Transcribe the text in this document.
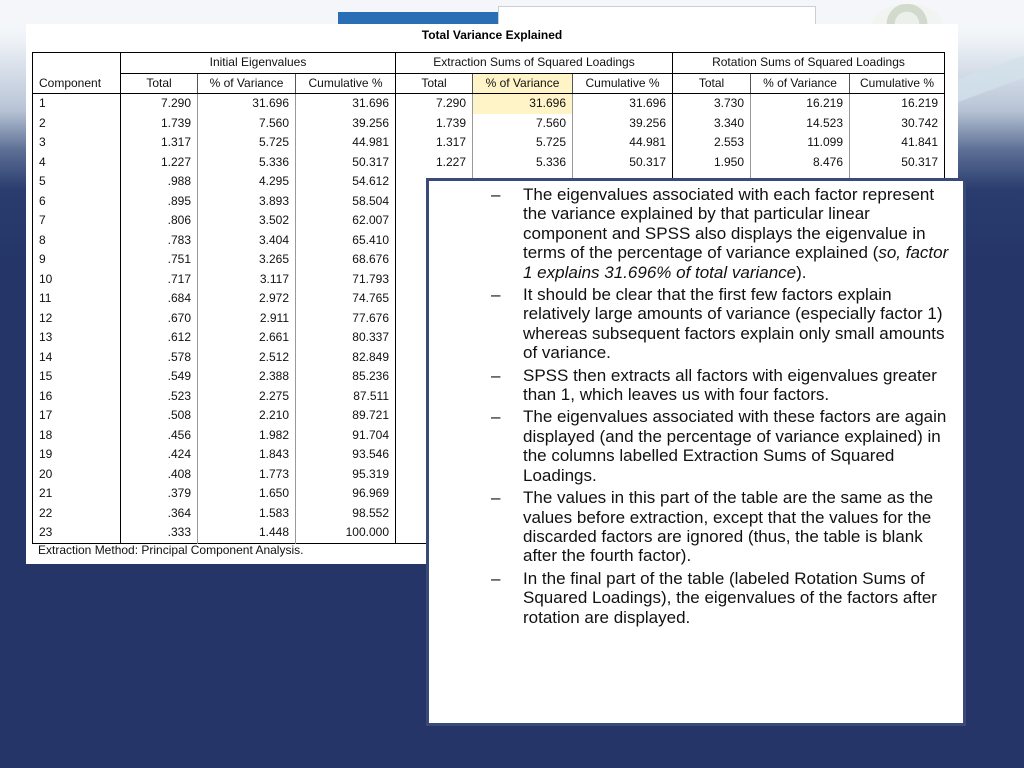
Total Variance Explained
	Initial Eigenvalues			Extraction Sums of Squared Loadings			Rotation Sums of Squared Loadings		
Component	Total	% of Variance	Cumulative %	Total	% of Variance	Cumulative %	Total	% of Variance	Cumulative %
1	7.290	31.696	31.696	7.290	31.696	31.696	3.730	16.219	16.219
2	1.739	7.560	39.256	1.739	7.560	39.256	3.340	14.523	30.742
3	1.317	5.725	44.981	1.317	5.725	44.981	2.553	11.099	41.841
4	1.227	5.336	50.317	1.227	5.336	50.317	1.950	8.476	50.317
5	.988	4.295	54.612						
6	.895	3.893	58.504						
7	.806	3.502	62.007						
8	.783	3.404	65.410						
9	.751	3.265	68.676						
10	.717	3.117	71.793						
11	.684	2.972	74.765						
12	.670	2.911	77.676						
13	.612	2.661	80.337						
14	.578	2.512	82.849						
15	.549	2.388	85.236						
16	.523	2.275	87.511						
17	.508	2.210	89.721						
18	.456	1.982	91.704						
19	.424	1.843	93.546						
20	.408	1.773	95.319						
21	.379	1.650	96.969						
22	.364	1.583	98.552						
23	.333	1.448	100.000						
Extraction Method: Principal Component Analysis.
– The eigenvalues associated with each factor represent the variance explained by that particular linear component and SPSS also displays the eigenvalue in terms of the percentage of variance explained (so, factor 1 explains 31.696% of total variance).
– It should be clear that the first few factors explain relatively large amounts of variance (especially factor 1) whereas subsequent factors explain only small amounts of variance.
– SPSS then extracts all factors with eigenvalues greater than 1, which leaves us with four factors.
– The eigenvalues associated with these factors are again displayed (and the percentage of variance explained) in the columns labelled Extraction Sums of Squared Loadings.
– The values in this part of the table are the same as the values before extraction, except that the values for the discarded factors are ignored (thus, the table is blank after the fourth factor).
– In the final part of the table (labeled Rotation Sums of Squared Loadings), the eigenvalues of the factors after rotation are displayed.
